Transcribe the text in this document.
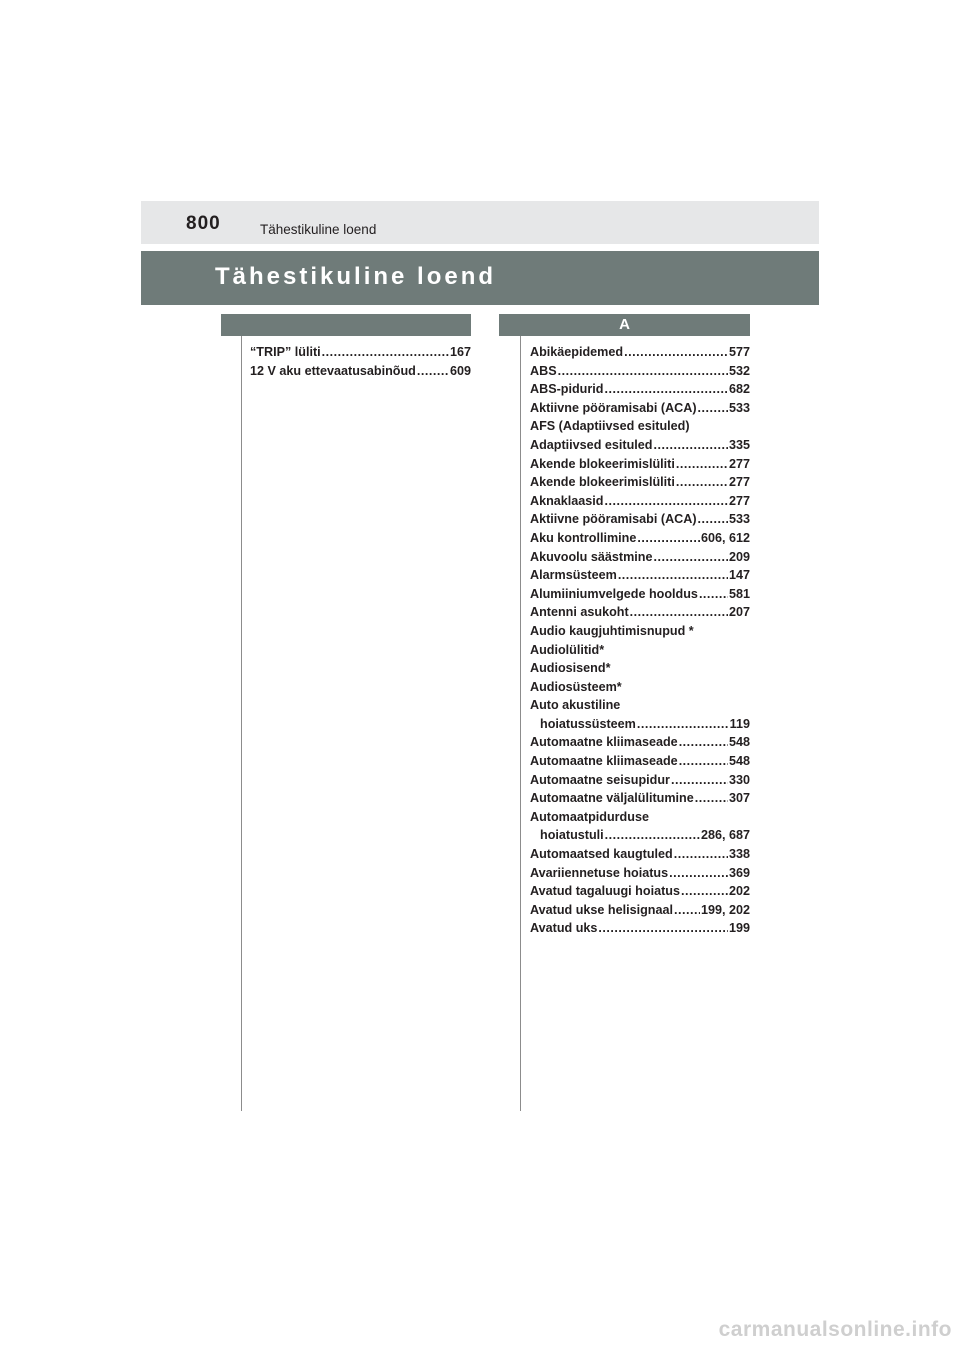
800	Tähestikuline loend
Tähestikuline loend
A
“TRIP” lüliti .....	167
12 V aku ettevaatusabinõud .....	609
Abikäepidemed .....	577
ABS .....	532
ABS-pidurid .....	682
Aktiivne pööramisabi (ACA) .....	533
AFS (Adaptiivsed esituled)
Adaptiivsed esituled .....	335
Akende blokeerimislüliti .....	277
Akende blokeerimislüliti .....	277
Aknaklaasid .....	277
Aktiivne pööramisabi (ACA) .....	533
Aku kontrollimine .....	606, 612
Akuvoolu säästmine .....	209
Alarmsüsteem .....	147
Alumiiniumvelgede hooldus ..... 581
Antenni asukoht .....	207
Audio kaugjuhtimisnupud *
Audiolülitid*
Audiosisend*
Audiosüsteem*
Auto akustiline
hoiatussüsteem .....	119
Automaatne kliimaseade .....	548
Automaatne kliimaseade .....	548
Automaatne seisupidur .....	330
Automaatne väljalülitumine .....	307
Automaatpidurduse
hoiatustuli .....	286, 687
Automaatsed kaugtuled .....	338
Avariiennetuse hoiatus .....	369
Avatud tagaluugi hoiatus .....	202
Avatud ukse helisignaal ..... 199, 202
Avatud uks .....	199
carmanualsonline.info
